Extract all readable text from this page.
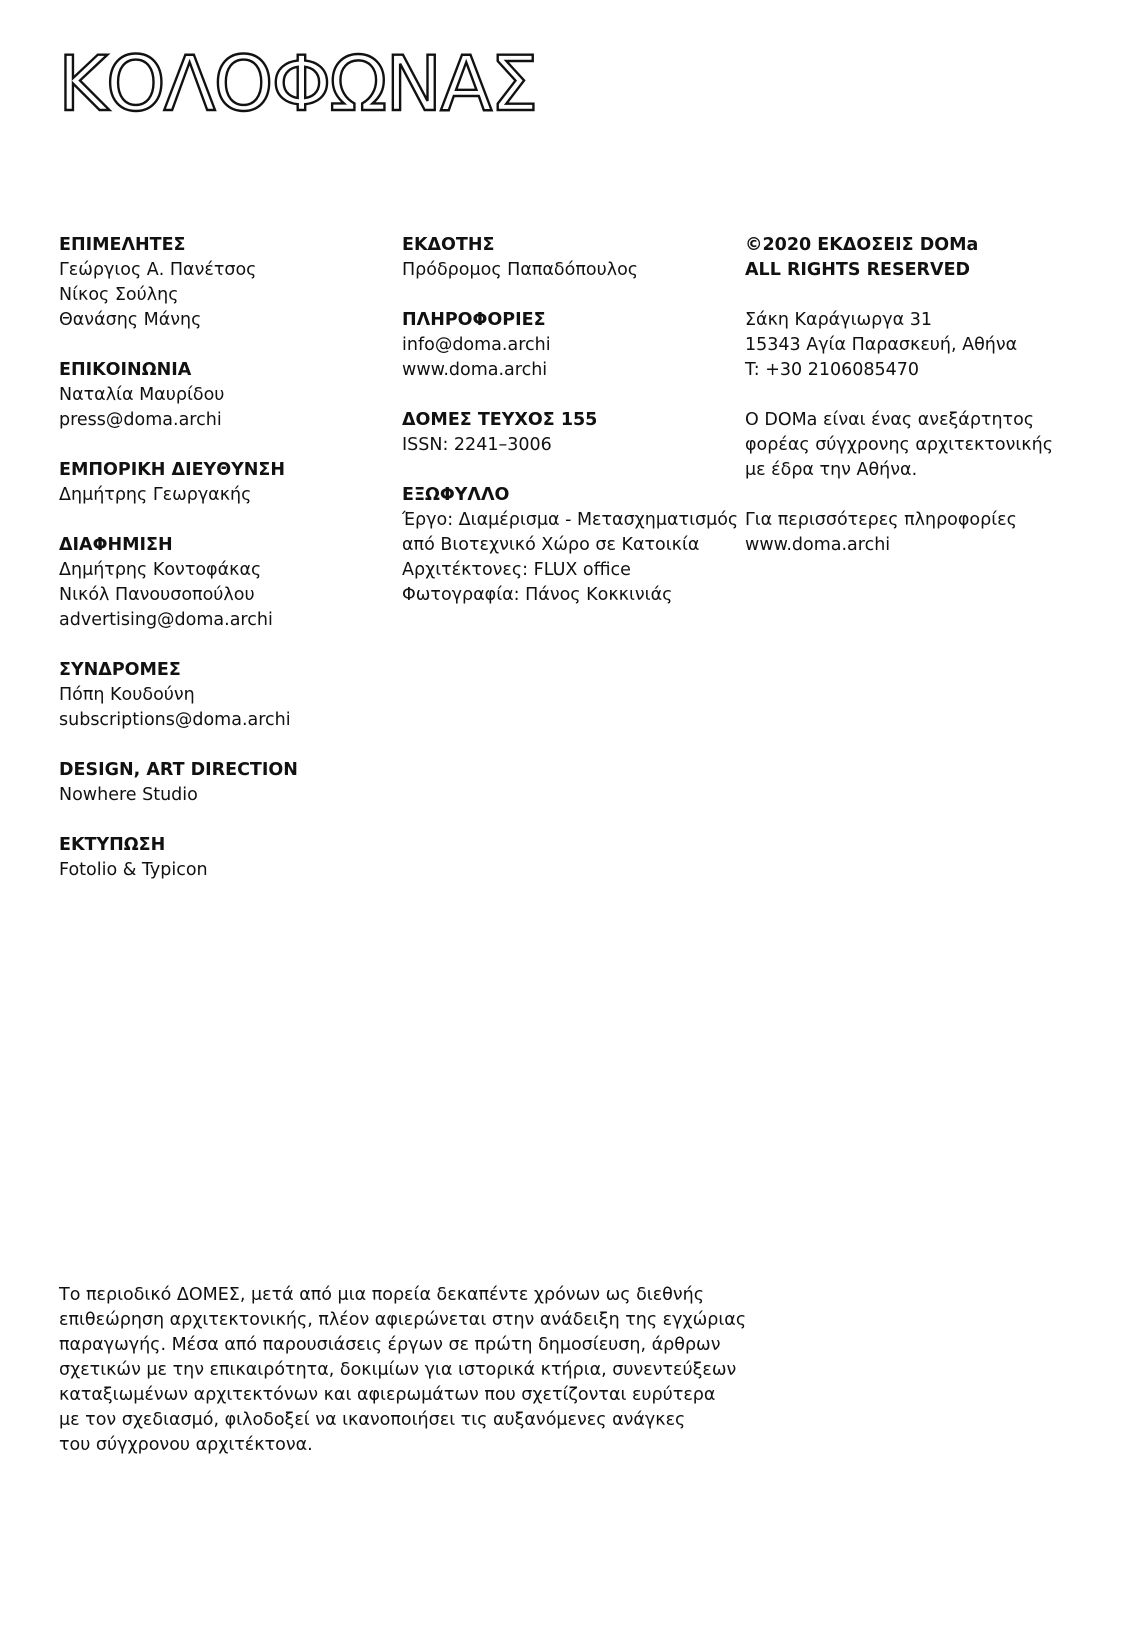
ΚΟΛΟΦΩΝΑΣ
ΕΠΙΜΕΛΗΤΕΣ
Γεώργιος Α. Πανέτσος
Νίκος Σούλης
Θανάσης Μάνης
ΕΠΙΚΟΙΝΩΝΙΑ
Ναταλία Μαυρίδου
press@doma.archi
ΕΜΠΟΡΙΚΗ ΔΙΕΥΘΥΝΣΗ
Δημήτρης Γεωργακής
ΔΙΑΦΗΜΙΣΗ
Δημήτρης Κοντοφάκας
Νικόλ Πανουσοπούλου
advertising@doma.archi
ΣΥΝΔΡΟΜΕΣ
Πόπη Κουδούνη
subscriptions@doma.archi
DESIGN, ART DIRECTION
Nowhere Studio
ΕΚΤΥΠΩΣΗ
Fotolio & Typicon
ΕΚΔΟΤΗΣ
Πρόδρομος Παπαδόπουλος
ΠΛΗΡΟΦΟΡΙΕΣ
info@doma.archi
www.doma.archi
ΔΟΜΕΣ ΤΕΥΧΟΣ 155
ISSN: 2241–3006
ΕΞΩΦΥΛΛΟ
Έργο: Διαμέρισμα - Μετασχηματισμός
από Βιοτεχνικό Χώρο σε Κατοικία
Αρχιτέκτονες: FLUX office
Φωτογραφία: Πάνος Κοκκινιάς
©2020 ΕΚΔΟΣΕΙΣ DOMa
ALL RIGHTS RESERVED
Σάκη Καράγιωργα 31
15343 Αγία Παρασκευή, Αθήνα
T: +30 2106085470
Ο DOMa είναι ένας ανεξάρτητος
φορέας σύγχρονης αρχιτεκτονικής
με έδρα την Αθήνα.
Για περισσότερες πληροφορίες
www.doma.archi
Το περιοδικό ΔΟΜΕΣ, μετά από μια πορεία δεκαπέντε χρόνων ως διεθνής
επιθεώρηση αρχιτεκτονικής, πλέον αφιερώνεται στην ανάδειξη της εγχώριας
παραγωγής. Μέσα από παρουσιάσεις έργων σε πρώτη δημοσίευση, άρθρων
σχετικών με την επικαιρότητα, δοκιμίων για ιστορικά κτήρια, συνεντεύξεων
καταξιωμένων αρχιτεκτόνων και αφιερωμάτων που σχετίζονται ευρύτερα
με τον σχεδιασμό, φιλοδοξεί να ικανοποιήσει τις αυξανόμενες ανάγκες
του σύγχρονου αρχιτέκτονα.
